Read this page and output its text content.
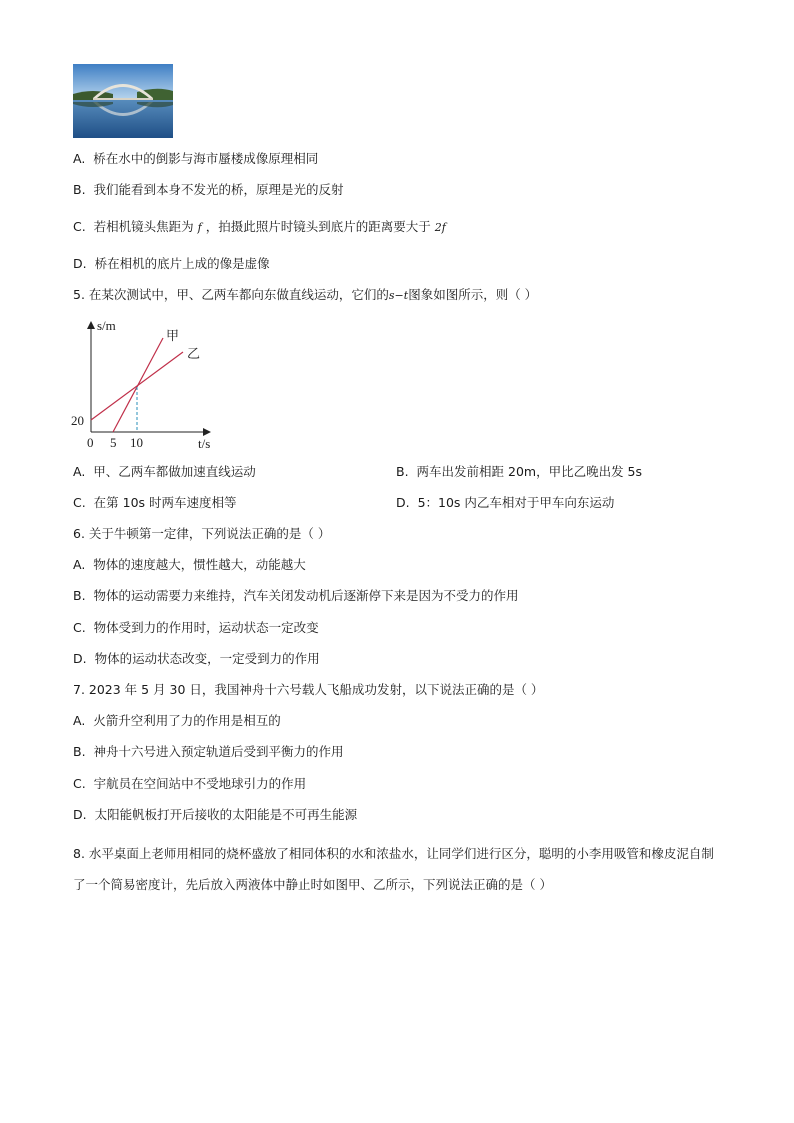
A. 桥在水中的倒影与海市蜃楼成像原理相同
B. 我们能看到本身不发光的桥，原理是光的反射
C. 若相机镜头焦距为 f ，拍摄此照片时镜头到底片的距离要大于 2f
D. 桥在相机的底片上成的像是虚像
5. 在某次测试中，甲、乙两车都向东做直线运动，它们的s−t图象如图所示，则（ ）
s/m
t/s
甲
乙
0 5 10
20
A. 甲、乙两车都做加速直线运动	B. 两车出发前相距 20m，甲比乙晚出发 5s
C. 在第 10s 时两车速度相等	D. 5：10s 内乙车相对于甲车向东运动
6. 关于牛顿第一定律，下列说法正确的是（ ）
A. 物体的速度越大，惯性越大，动能越大
B. 物体的运动需要力来维持，汽车关闭发动机后逐渐停下来是因为不受力的作用
C. 物体受到力的作用时，运动状态一定改变
D. 物体的运动状态改变，一定受到力的作用
7. 2023 年 5 月 30 日，我国神舟十六号载人飞船成功发射，以下说法正确的是（ ）
A. 火箭升空利用了力的作用是相互的
B. 神舟十六号进入预定轨道后受到平衡力的作用
C. 宇航员在空间站中不受地球引力的作用
D. 太阳能帆板打开后接收的太阳能是不可再生能源
8. 水平桌面上老师用相同的烧杯盛放了相同体积的水和浓盐水，让同学们进行区分，聪明的小李用吸管和橡皮泥自制了一个简易密度计，先后放入两液体中静止时如图甲、乙所示，下列说法正确的是（ ）
